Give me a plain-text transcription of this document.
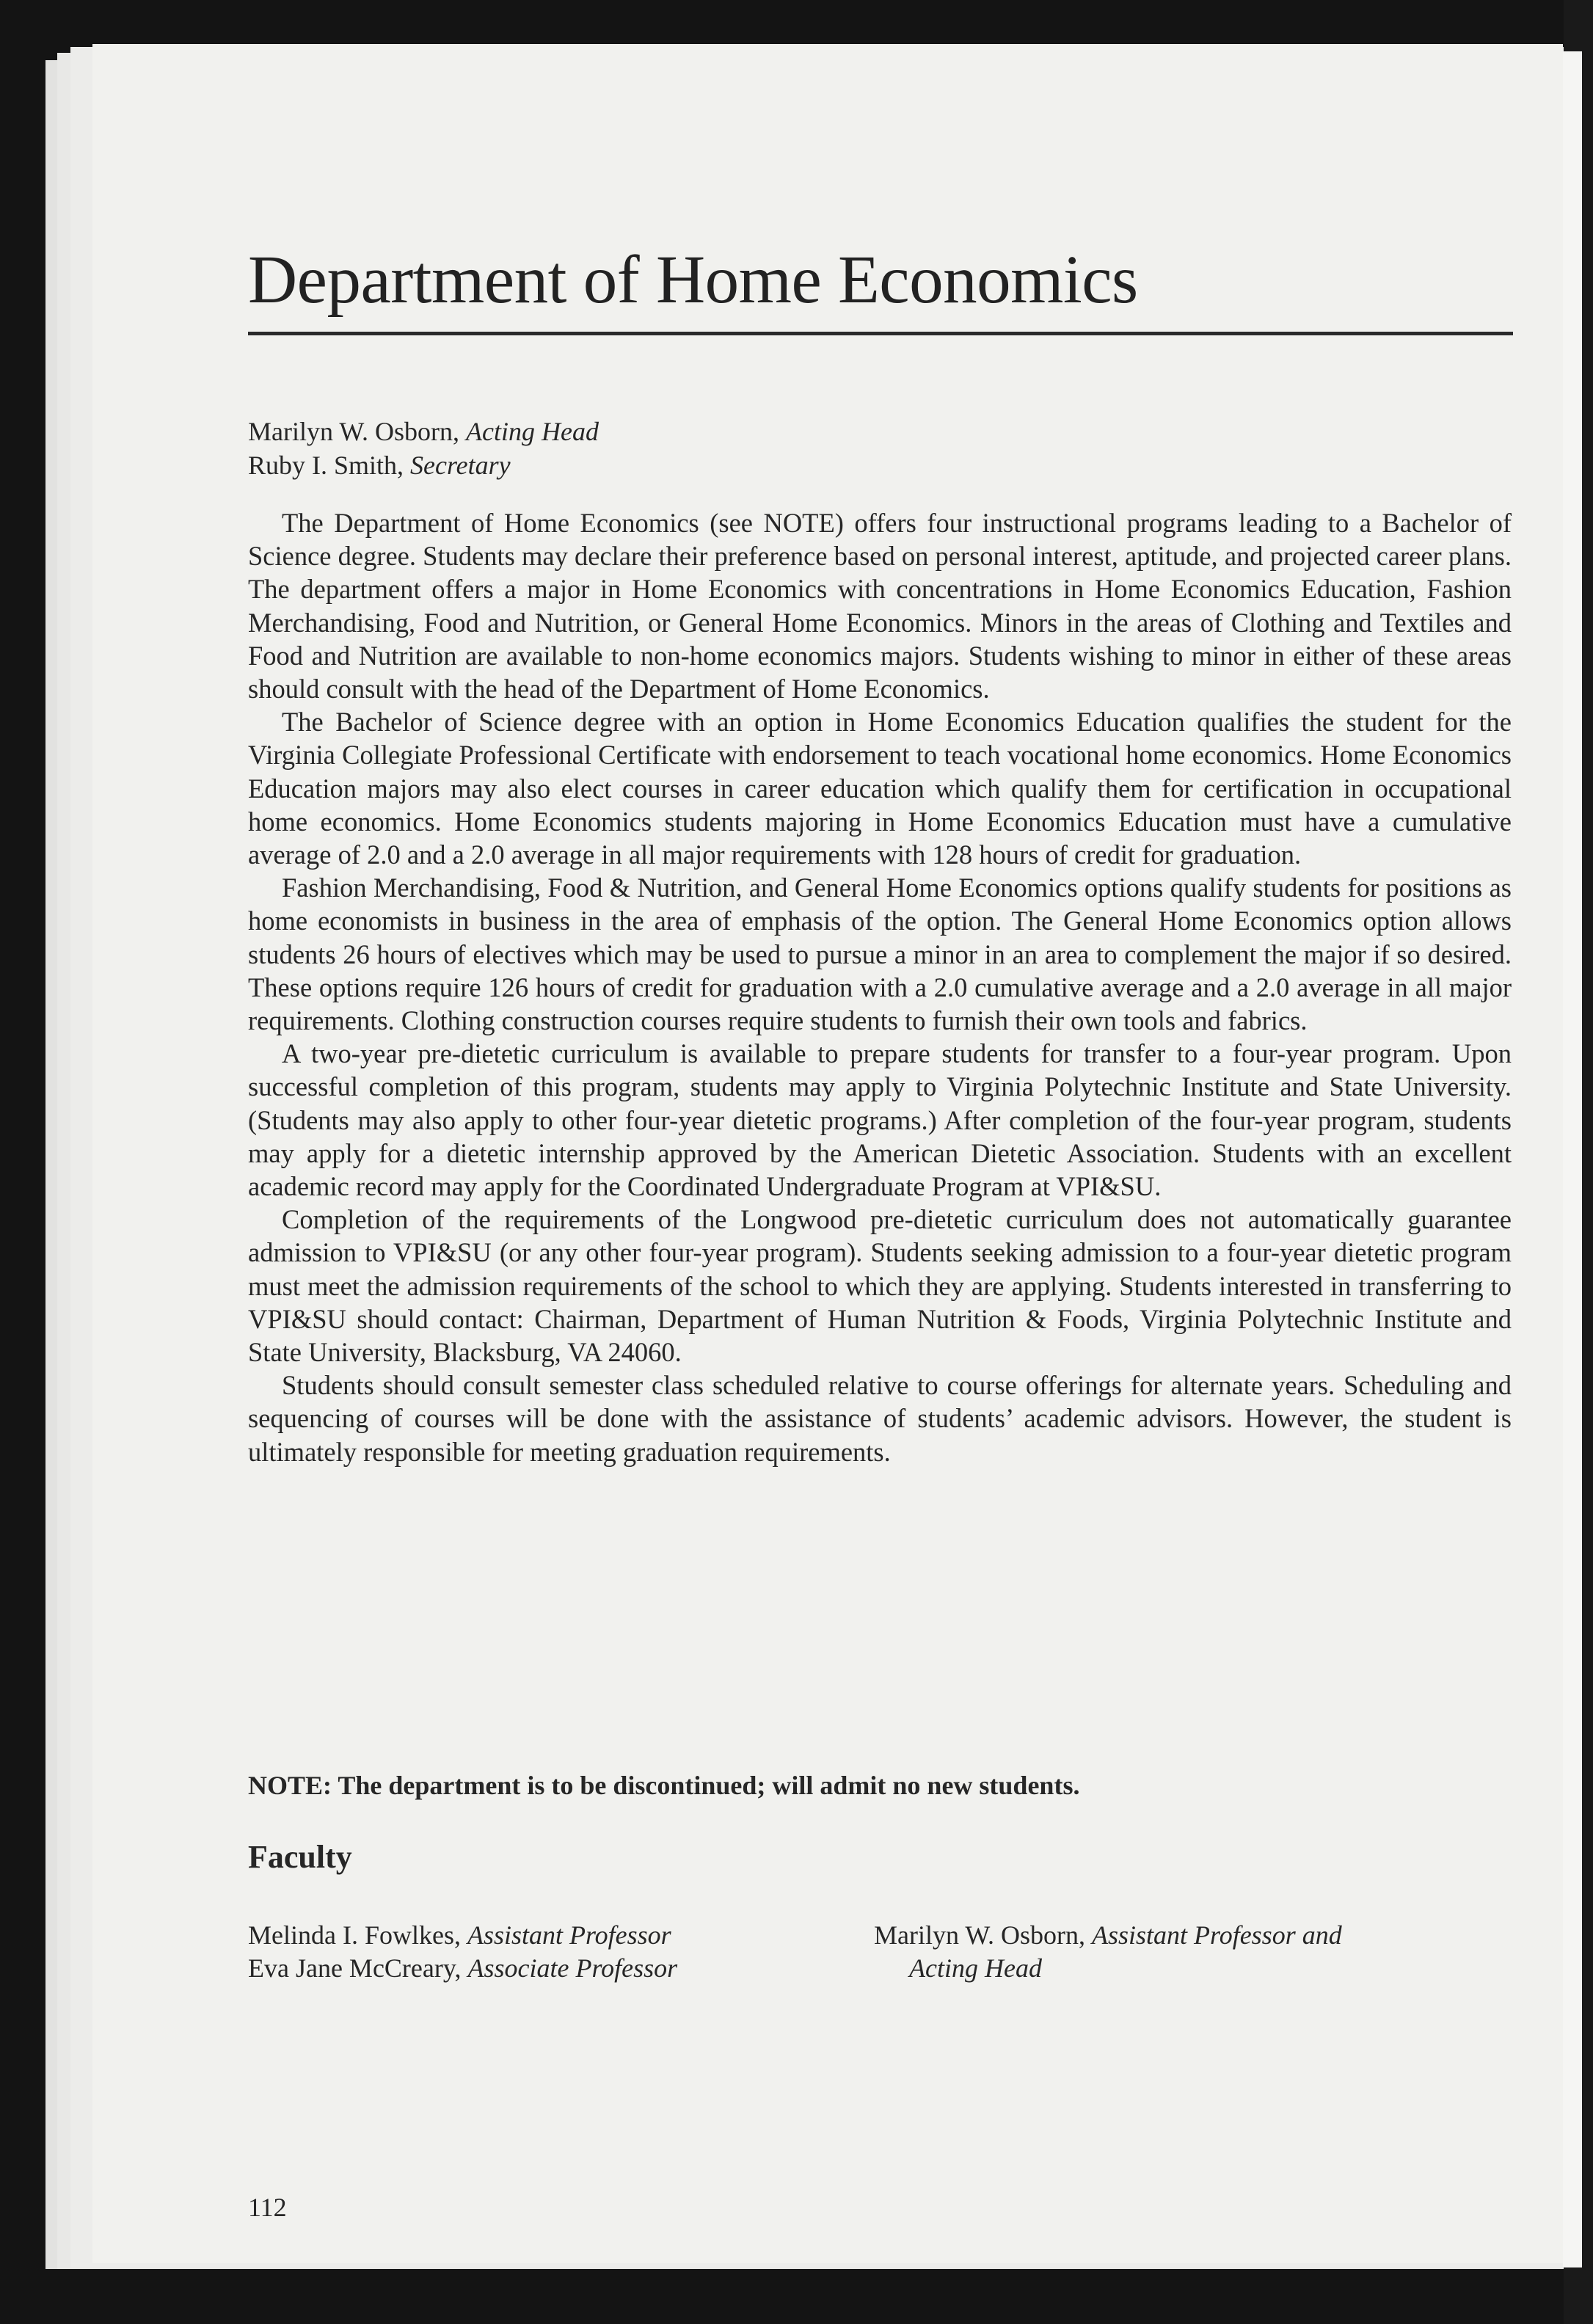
Department of Home Economics
Marilyn W. Osborn, Acting Head
Ruby I. Smith, Secretary

The Department of Home Economics (see NOTE) offers four instructional programs leading to a Bachelor of Science degree. Students may declare their preference based on personal interest, aptitude, and projected career plans. The department offers a major in Home Economics with concentrations in Home Economics Education, Fashion Merchandising, Food and Nutrition, or General Home Economics. Minors in the areas of Clothing and Textiles and Food and Nutrition are available to non-home economics majors. Students wishing to minor in either of these areas should consult with the head of the Department of Home Economics.

The Bachelor of Science degree with an option in Home Economics Education qualifies the student for the Virginia Collegiate Professional Certificate with endorsement to teach vocational home economics. Home Economics Education majors may also elect courses in career education which qualify them for certification in occupational home economics. Home Economics students majoring in Home Economics Education must have a cumulative average of 2.0 and a 2.0 average in all major requirements with 128 hours of credit for graduation.

Fashion Merchandising, Food & Nutrition, and General Home Economics options qualify students for positions as home economists in business in the area of emphasis of the option. The General Home Economics option allows students 26 hours of electives which may be used to pursue a minor in an area to complement the major if so desired. These options require 126 hours of credit for graduation with a 2.0 cumulative average and a 2.0 average in all major requirements. Clothing construction courses require students to furnish their own tools and fabrics.

A two-year pre-dietetic curriculum is available to prepare students for transfer to a four-year program. Upon successful completion of this program, students may apply to Virginia Polytechnic Institute and State University. (Students may also apply to other four-year dietetic programs.) After completion of the four-year program, students may apply for a dietetic internship approved by the American Dietetic Association. Students with an excellent academic record may apply for the Coordinated Undergraduate Program at VPI&SU.

Completion of the requirements of the Longwood pre-dietetic curriculum does not automatically guarantee admission to VPI&SU (or any other four-year program). Students seeking admission to a four-year dietetic program must meet the admission requirements of the school to which they are applying. Students interested in transferring to VPI&SU should contact: Chairman, Department of Human Nutrition & Foods, Virginia Polytechnic Institute and State University, Blacksburg, VA 24060.

Students should consult semester class scheduled relative to course offerings for alternate years. Scheduling and sequencing of courses will be done with the assistance of students’ academic advisors. However, the student is ultimately responsible for meeting graduation requirements.

NOTE: The department is to be discontinued; will admit no new students.
Faculty
Melinda I. Fowlkes, Assistant Professor
Eva Jane McCreary, Associate Professor
Marilyn W. Osborn, Assistant Professor and
Acting Head
112
